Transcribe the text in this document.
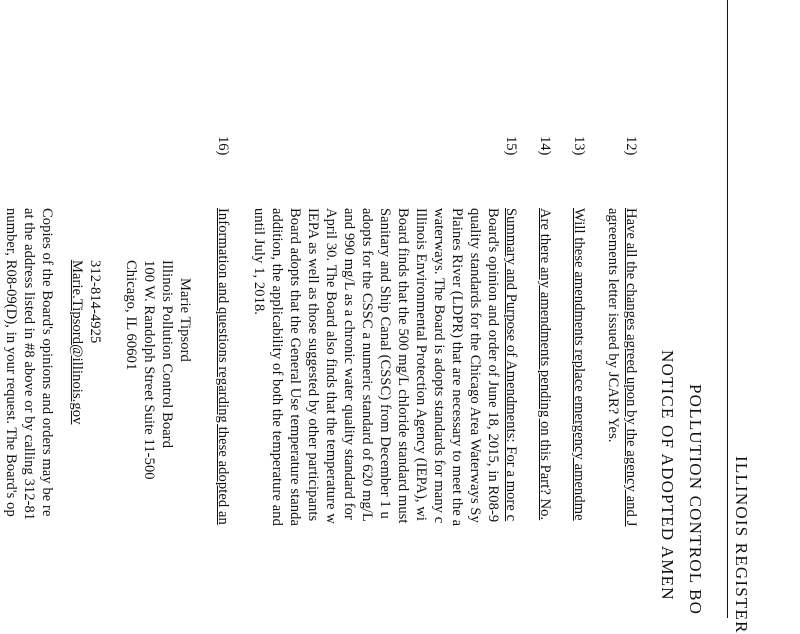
ILLINOIS REGISTER
POLLUTION CONTROL BO
NOTICE OF ADOPTED AMEN
12)
Have all the changes agreed upon by the agency and J
agreements letter issued by JCAR? Yes.
13)
Will these amendments replace emergency amendme
14)
Are there any amendments pending on this Part? No.
15)
Summary and Purpose of Amendments: For a more c
Board's opinion and order of June 18, 2015, in R08-9
quality standards for the Chicago Area Waterways Sy
Plaines River (LDPR) that are necessary to meet the a
waterways. The Board is adopts standards for many c
Illinois Environmental Protection Agency (IEPA), wi
Board finds that the 500 mg/L chloride standard must
Sanitary and Ship Canal (CSSC) from December 1 u
adopts for the CSSC a numeric standard of 620 mg/L
and 990 mg/L as a chronic water quality standard for
April 30. The Board also finds that the temperature w
IEPA as well as those suggested by other participants
Board adopts that the General Use temperature standa
addition, the applicability of both the temperature and
until July 1, 2018.
16)
Information and questions regarding these adopted an
Marie Tipsord
Illinois Pollution Control Board
100 W. Randolph Street Suite 11-500
Chicago, IL 60601
312-814-4925
Marie.Tipsord@illinois.gov
Copies of the Board's opinions and orders may be re
at the address listed in #8 above or by calling 312-81
number, R08-09(D), in your request. The Board's op
